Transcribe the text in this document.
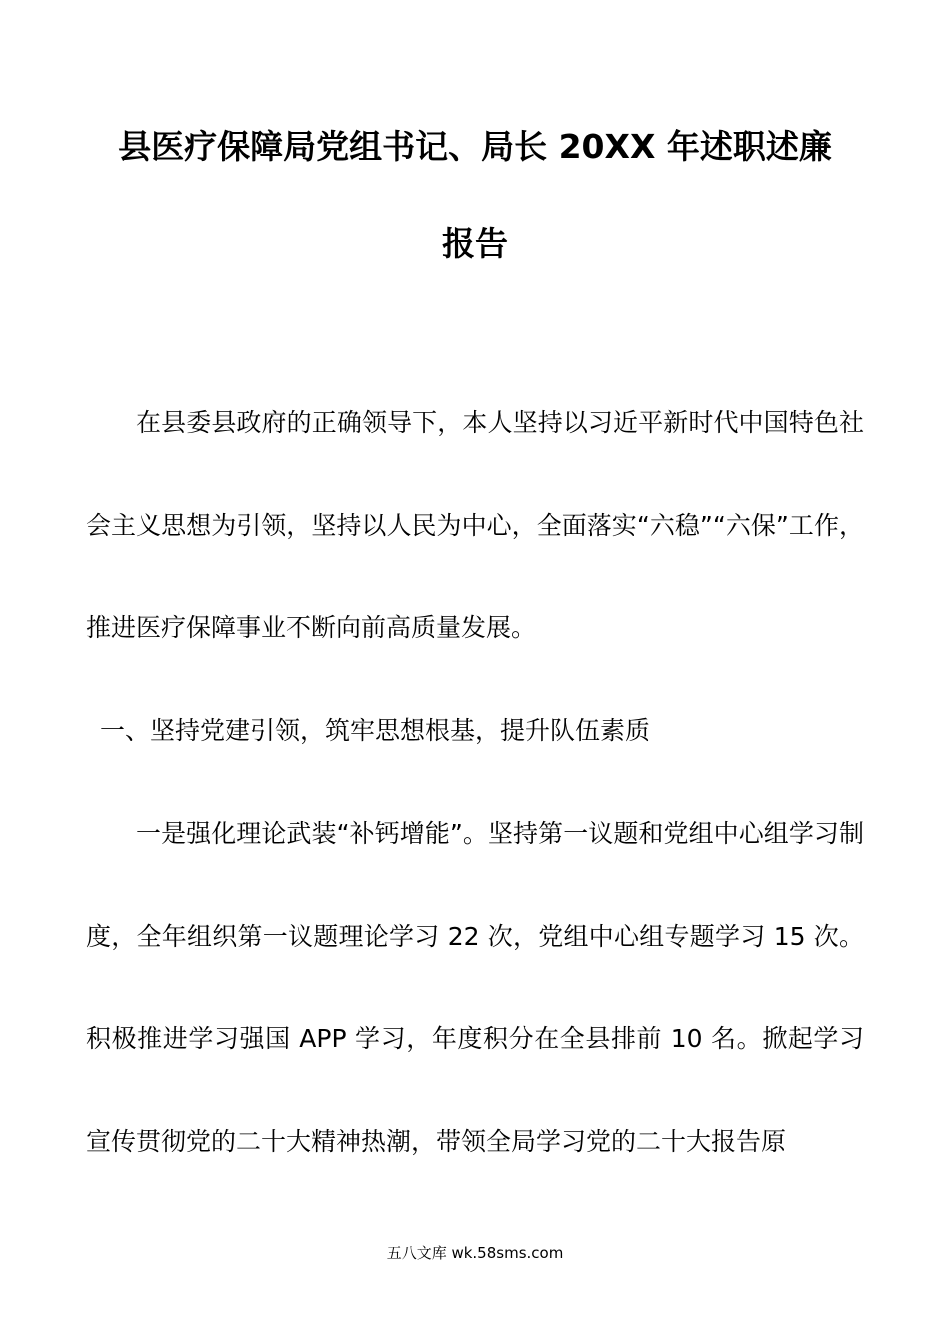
县医疗保障局党组书记、局长 20XX 年述职述廉
报告

在县委县政府的正确领导下，本人坚持以习近平新时代中国特色社会主义思想为引领，坚持以人民为中心，全面落实“六稳”“六保”工作，推进医疗保障事业不断向前高质量发展。

一、坚持党建引领，筑牢思想根基，提升队伍素质

一是强化理论武装“补钙增能”。坚持第一议题和党组中心组学习制度，全年组织第一议题理论学习 22 次，党组中心组专题学习 15 次。积极推进学习强国 APP 学习，年度积分在全县排前 10 名。掀起学习宣传贯彻党的二十大精神热潮，带领全局学习党的二十大报告原

五八文库 wk.58sms.com
